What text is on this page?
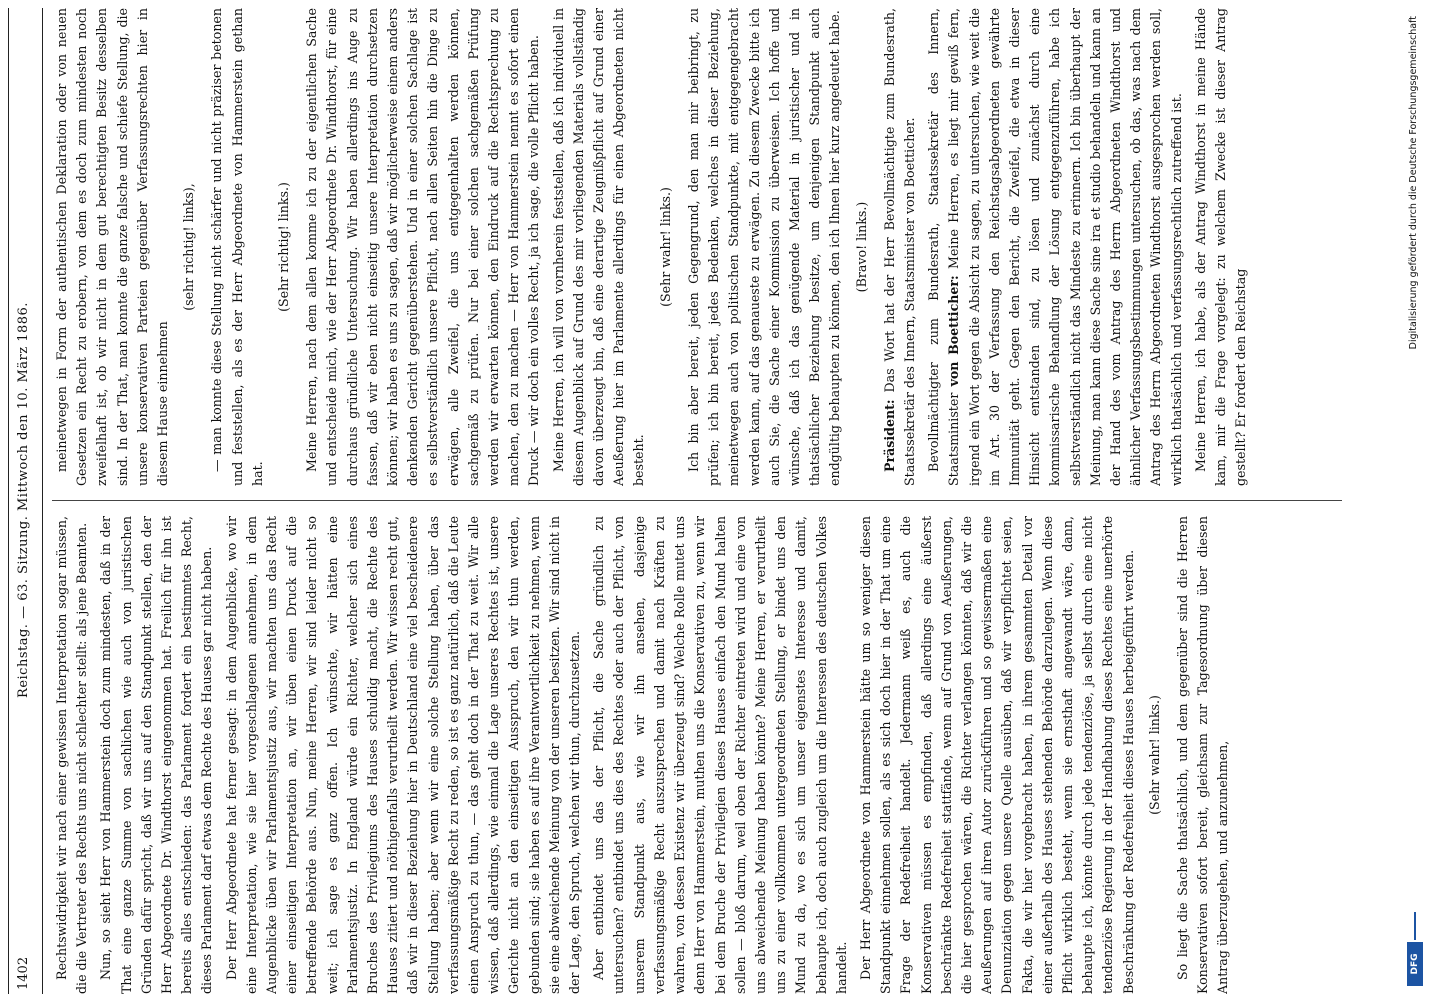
1402
Reichstag. — 63. Sitzung. Mittwoch den 10. März 1886.

Rechtswidrigkeit wir nach einer gewissen Interpretation sogar müssen, die die Vertreter des Rechts uns nicht schlechter stellt: als jene Beamten. Nun, so sieht Herr von Hammerstein doch zum mindesten, daß in der That eine ganze Summe von sachlichen wie auch von juristischen Gründen dafür spricht, daß wir uns auf den Standpunkt stellen, den der Herr Abgeordnete Dr. Windthorst eingenommen hat. Freilich für ihn ist bereits alles entschieden: das Parlament fordert ein bestimmtes Recht, dieses Parlament darf etwas dem Rechte des Hauses gar nicht haben. Der Herr Abgeordnete hat ferner gesagt: in dem Augenblicke, wo wir eine Interpretation, wie sie hier vorgeschlagenen annehmen, in dem Augenblicke üben wir Parlamentsjustiz aus, wir machten uns das Recht einer einseitigen Interpretation an, wir üben einen Druck auf die betreffende Behörde aus. Nun, meine Herren, wir sind leider nicht so weit; ich sage es ganz offen. Ich wünschte, wir hätten eine Parlamentsjustiz. In England würde ein Richter, welcher sich eines Bruches des Privilegiums des Hauses schuldig macht, die Rechte des Hauses zitiert und nöthigenfalls verurtheilt werden. Wir wissen recht gut, daß wir in dieser Beziehung hier in Deutschland eine viel bescheidenere Stellung haben; aber wenn wir eine solche Stellung haben, über das verfassungsmäßige Recht zu reden, so ist es ganz natürlich, daß die Leute einen Anspruch zu thun, — das geht doch in der That zu weit. Wir alle wissen, daß allerdings, wie einmal die Lage unseres Rechtes ist, unsere Gerichte nicht an den einseitigen Ausspruch, den wir thun werden, gebunden sind; sie haben es auf ihre Verantwortlichkeit zu nehmen, wenn sie eine abweichende Meinung von der unseren besitzen. Wir sind nicht in der Lage, den Spruch, welchen wir thun, durchzusetzen. Aber entbindet uns das der Pflicht, die Sache gründlich zu untersuchen? entbindet uns dies des Rechtes oder auch der Pflicht, von unserem Standpunkt aus, wie wir ihn ansehen, dasjenige verfassungsmäßige Recht auszusprechen und damit nach Kräften zu wahren, von dessen Existenz wir überzeugt sind? Welche Rolle mutet uns denn Herr von Hammerstein, muthen uns die Konservativen zu, wenn wir bei dem Bruche der Privilegien dieses Hauses einfach den Mund halten sollen — bloß darum, weil oben der Richter eintreten wird und eine von uns abweichende Meinung haben könnte? Meine Herren, er verurtheilt uns zu einer vollkommen untergeordneten Stellung, er bindet uns den Mund zu da, wo es sich um unser eigenstes Interesse und damit, behaupte ich, doch auch zugleich um die Interessen des deutschen Volkes handelt. Der Herr Abgeordnete von Hammerstein hätte um so weniger diesen Standpunkt einnehmen sollen, als es sich doch hier in der That um eine Frage der Redefreiheit handelt. Jedermann weiß es, auch die Konservativen müssen es empfinden, daß allerdings eine äußerst beschränkte Redefreiheit stattfände, wenn auf Grund von Aeußerungen, die hier gesprochen wären, die Richter verlangen könnten, daß wir die Aeußerungen auf ihren Autor zurückführen und so gewissermaßen eine Denunziation gegen unsere Quelle ausüben, daß wir verpflichtet seien, Fakta, die wir hier vorgebracht haben, in ihrem gesammten Detail vor einer außerhalb des Hauses stehenden Behörde darzulegen. Wenn diese Pflicht wirklich besteht, wenn sie ernsthaft angewandt wäre, dann, behaupte ich, könnte durch jede tendenziöse, ja selbst durch eine nicht tendenziöse Regierung in der Handhabung dieses Rechtes eine unerhörte Beschränkung der Redefreiheit dieses Hauses herbeigeführt werden. (Sehr wahr! links.) So liegt die Sache thatsächlich, und dem gegenüber sind die Herren Konservativen sofort bereit, gleichsam zur Tagesordnung über diesen Antrag überzugehen, und anzunehmen,

meinetwegen in Form der authentischen Deklaration oder von neuen Gesetzen ein Recht zu erobern, von dem es doch zum mindesten noch zweifelhaft ist, ob wir nicht in dem gut berechtigten Besitz desselben sind. In der That, man konnte die ganze falsche und schiefe Stellung, die unsere konservativen Parteien gegenüber Verfassungsrechten hier in diesem Hause einnehmen

(sehr richtig! links), — man konnte diese Stellung nicht schärfer und nicht präziser betonen und feststellen, als es der Herr Abgeordnete von Hammerstein gethan hat.

(Sehr richtig! links.) Meine Herren, nach dem allen komme ich zu der eigentlichen Sache und entscheide mich, wie der Herr Abgeordnete Dr. Windthorst, für eine durchaus gründliche Untersuchung. Wir haben allerdings ins Auge zu fassen, daß wir eben nicht einseitig unsere Interpretation durchsetzen können; wir haben es uns zu sagen, daß wir möglicherweise einem anders denkenden Gericht gegenüberstehen. Und in einer solchen Sachlage ist es selbstverständlich unsere Pflicht, nach allen Seiten hin die Dinge zu erwägen, alle Zweifel, die uns entgegenhalten werden können, sachgemäß zu prüfen. Nur bei einer solchen sachgemäßen Prüfung werden wir erwarten können, den Eindruck auf die Rechtsprechung zu machen, den zu machen — Herr von Hammerstein nennt es sofort einen Druck — wir doch ein volles Recht, ja ich sage, die volle Pflicht haben. Meine Herren, ich will von vornherein feststellen, daß ich individuell in diesem Augenblick auf Grund des mir vorliegenden Materials vollständig davon überzeugt bin, daß eine derartige Zeugnißpflicht auf Grund einer Aeußerung hier im Parlamente allerdings für einen Abgeordneten nicht besteht.

(Sehr wahr! links.) Ich bin aber bereit, jeden Gegengrund, den man mir beibringt, zu prüfen; ich bin bereit, jedes Bedenken, welches in dieser Beziehung, meinetwegen auch von politischen Standpunkte, mit entgegengebracht werden kann, auf das genaueste zu erwägen. Zu diesem Zwecke bitte ich auch Sie, die Sache einer Kommission zu überweisen. Ich hoffe und wünsche, daß ich das genügende Material in juristischer und in thatsächlicher Beziehung besitze, um denjenigen Standpunkt auch endgültig behaupten zu können, den ich Ihnen hier kurz angedeutet habe. (Bravo! links.)

Präsident: Das Wort hat der Herr Bevollmächtigte zum Bundesrath, Staatssekretär des Innern, Staatsminister von Boetticher. Bevollmächtigter zum Bundesrath, Staatssekretär des Innern, Staatsminister von Boetticher: Meine Herren, es liegt mir gewiß fern, irgend ein Wort gegen die Absicht zu sagen, zu untersuchen, wie weit die im Art. 30 der Verfassung den Reichstagsabgeordneten gewährte Immunität geht. Gegen den Bericht, die Zweifel, die etwa in dieser Hinsicht entstanden sind, zu lösen und zunächst durch eine kommissarische Behandlung der Lösung entgegenzuführen, habe ich selbstverständlich nicht das Mindeste zu erinnern. Ich bin überhaupt der Meinung, man kann diese Sache sine ira et studio behandeln und kann an der Hand des vom Antrag des Herrn Abgeordneten Windthorst und ähnlicher Verfassungsbestimmungen untersuchen, ob das, was nach dem Antrag des Herrn Abgeordneten Windthorst ausgesprochen werden soll, wirklich thatsächlich und verfassungsrechtlich zutreffend ist. Meine Herren, ich habe, als der Antrag Windthorst in meine Hände kam, mir die Frage vorgelegt: zu welchem Zwecke ist dieser Antrag gestellt? Er fordert den Reichstag

DFG
Digitalisierung gefördert durch die Deutsche Forschungsgemeinschaft
